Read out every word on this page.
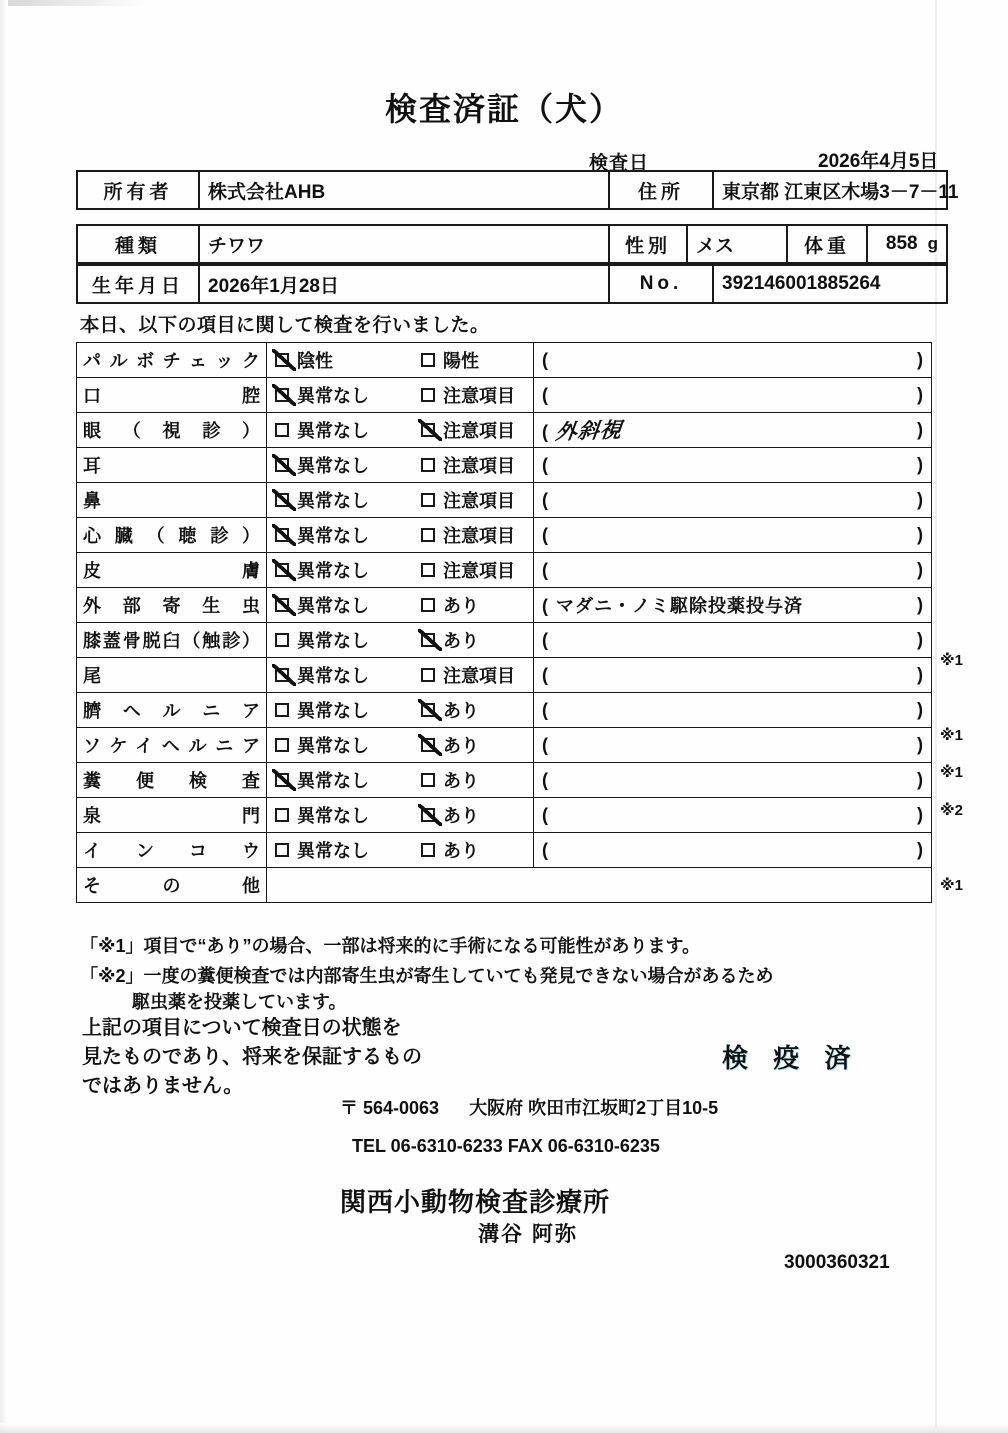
検査済証（犬）
検査日	2026年4月5日
所有者	株式会社AHB	住所	東京都 江東区木場3－7－11
種類	チワワ	性別	メス	体重	858 g
生年月日	2026年1月28日	No.	392146001885264
本日、以下の項目に関して検査を行いました。
パルボチェック	陰性 陽性	( )

口腔	異常なし 注意項目	( )

眼（視診）	異常なし 注意項目	( 外斜視 )

耳	異常なし 注意項目	( )

鼻	異常なし 注意項目	( )

心臓（聴診）	異常なし 注意項目	( )

皮膚	異常なし 注意項目	( )

外部寄生虫	異常なし あり	( マダニ・ノミ駆除投薬投与済 )

膝蓋骨脱臼（触診）	異常なし あり	( )

尾	異常なし 注意項目	( )

臍ヘルニア	異常なし あり	( )

ソケイヘルニア	異常なし あり	( )

糞便検査	異常なし あり	( )

泉門	異常なし あり	( )

インコウ	異常なし あり	( )

その他		

※1
※1
※1
※2
※1
「※1」項目で“あり”の場合、一部は将来的に手術になる可能性があります。
「※2」一度の糞便検査では内部寄生虫が寄生していても発見できない場合があるため
駆虫薬を投薬しています。
上記の項目について検査日の状態を
見たものであり、将来を保証するもの
ではありません。
検 疫 済
〒 564-0063 大阪府 吹田市江坂町2丁目10-5
TEL 06-6310-6233 FAX 06-6310-6235
関西小動物検査診療所
溝谷 阿弥
3000360321
